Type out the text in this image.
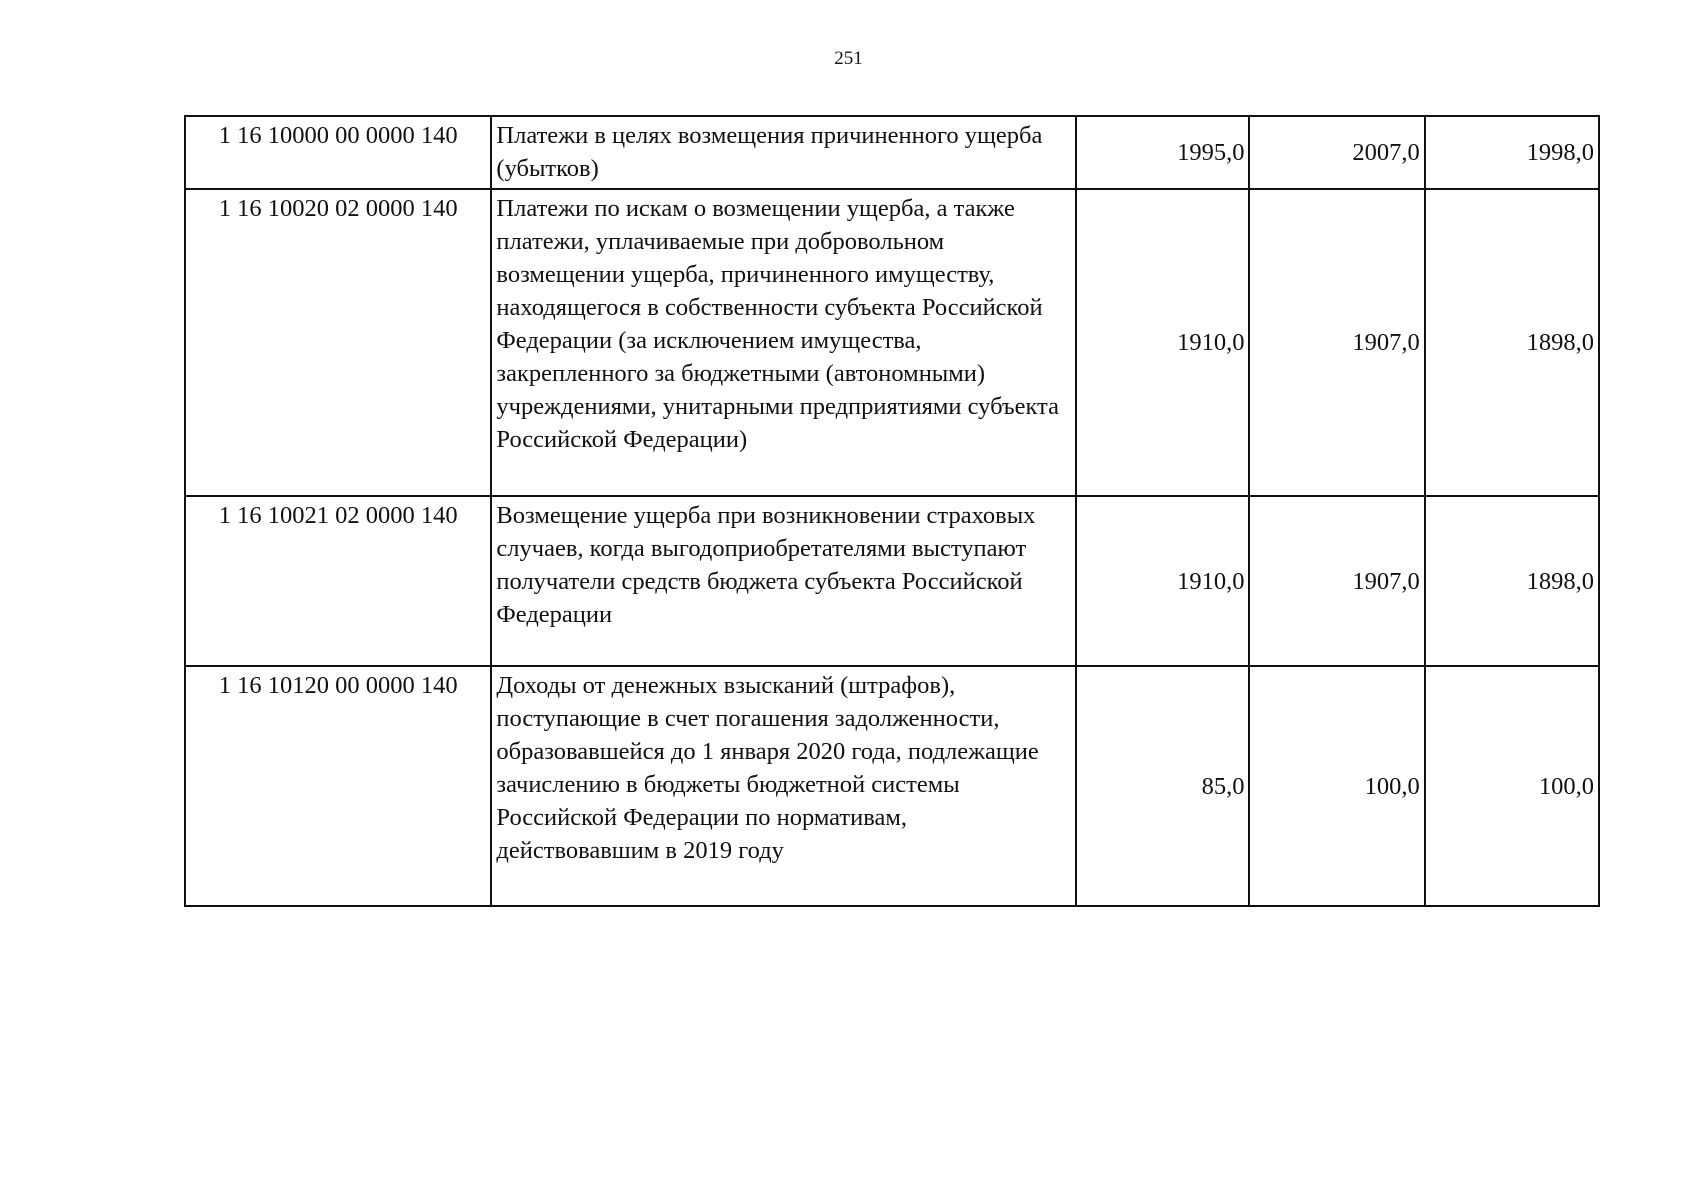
251
1 16 10000 00 0000 140	Платежи в целях возмещения причиненного ущерба (убытков)	1995,0	2007,0	1998,0
1 16 10020 02 0000 140	Платежи по искам о возмещении ущерба, а также платежи, уплачиваемые при добровольном возмещении ущерба, причиненного имуществу, находящегося в собственности субъекта Российской Федерации (за исключением имущества, закрепленного за бюджетными (автономными) учреждениями, унитарными предприятиями субъекта Российской Федерации)	1910,0	1907,0	1898,0
1 16 10021 02 0000 140	Возмещение ущерба при возникновении страховых случаев, когда выгодоприобретателями выступают получатели средств бюджета субъекта Российской Федерации	1910,0	1907,0	1898,0
1 16 10120 00 0000 140	Доходы от денежных взысканий (штрафов), поступающие в счет погашения задолженности, образовавшейся до 1 января 2020 года, подлежащие зачислению в бюджеты бюджетной системы Российской Федерации по нормативам, действовавшим в 2019 году	85,0	100,0	100,0
